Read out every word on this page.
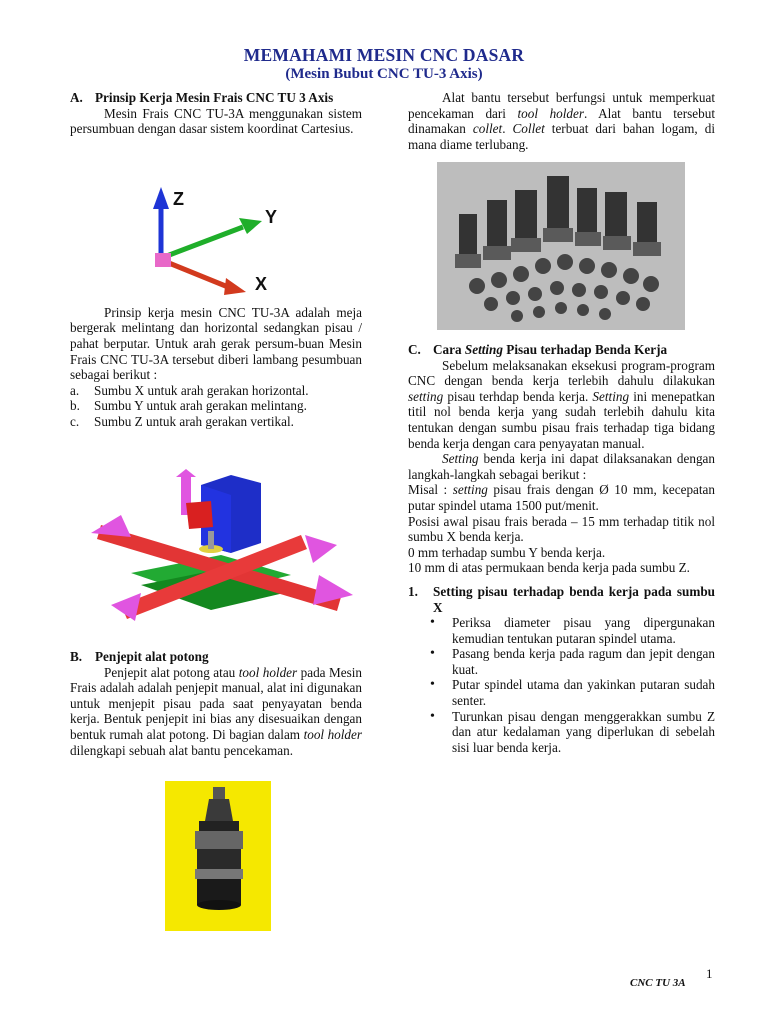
MEMAHAMI MESIN CNC DASAR
(Mesin Bubut CNC TU-3 Axis)
A. Prinsip Kerja Mesin Frais CNC TU 3 Axis

Mesin Frais CNC TU-3A menggunakan sistem persumbuan dengan dasar sistem koordinat Cartesius.

Prinsip kerja mesin CNC TU-3A adalah meja bergerak melintang dan horizontal sedangkan pisau / pahat berputar. Untuk arah gerak persum-buan Mesin Frais CNC TU-3A tersebut diberi lambang pesumbuan sebagai berikut :

a.	Sumbu X untuk arah gerakan horizontal.
b.	Sumbu Y untuk arah gerakan melintang.
c.	Sumbu Z untuk arah gerakan vertikal.
B. Penjepit alat potong

Penjepit alat potong atau tool holder pada Mesin Frais adalah adalah penjepit manual, alat ini digunakan untuk menjepit pisau pada saat penyayatan benda kerja. Bentuk penjepit ini bias any disesuaikan dengan bentuk rumah alat potong. Di bagian dalam tool holder dilengkapi sebuah alat bantu pencekaman.

Alat bantu tersebut berfungsi untuk memperkuat pencekaman dari tool holder. Alat bantu tersebut dinamakan collet. Collet terbuat dari bahan logam, di mana diame terlubang.

C. Cara Setting Pisau terhadap Benda Kerja

Sebelum melaksanakan eksekusi program-program CNC dengan benda kerja terlebih dahulu dilakukan setting pisau terhdap benda kerja. Setting ini menepatkan titil nol benda kerja yang sudah terlebih dahulu kita tentukan dengan sumbu pisau frais terhadap tiga bidang benda kerja dengan cara penyayatan manual.

Setting benda kerja ini dapat dilaksanakan dengan langkah-langkah sebagai berikut :

Misal : setting pisau frais dengan Ø 10 mm, kecepatan putar spindel utama 1500 put/menit.

Posisi awal pisau frais berada – 15 mm terhadap titik nol sumbu X benda kerja.

0 mm terhadap sumbu Y benda kerja.

10 mm di atas permukaan benda kerja pada sumbu Z.

1.	Setting pisau terhadap benda kerja pada sumbu X
•	Periksa diameter pisau yang dipergunakan kemudian tentukan putaran spindel utama.
•	Pasang benda kerja pada ragum dan jepit dengan kuat.
•	Putar spindel utama dan yakinkan putaran sudah senter.
•	Turunkan pisau dengan menggerakkan sumbu Z dan atur kedalaman yang diperlukan di sebelah sisi luar benda kerja.
Z
Y
X
CNC TU 3A
1
